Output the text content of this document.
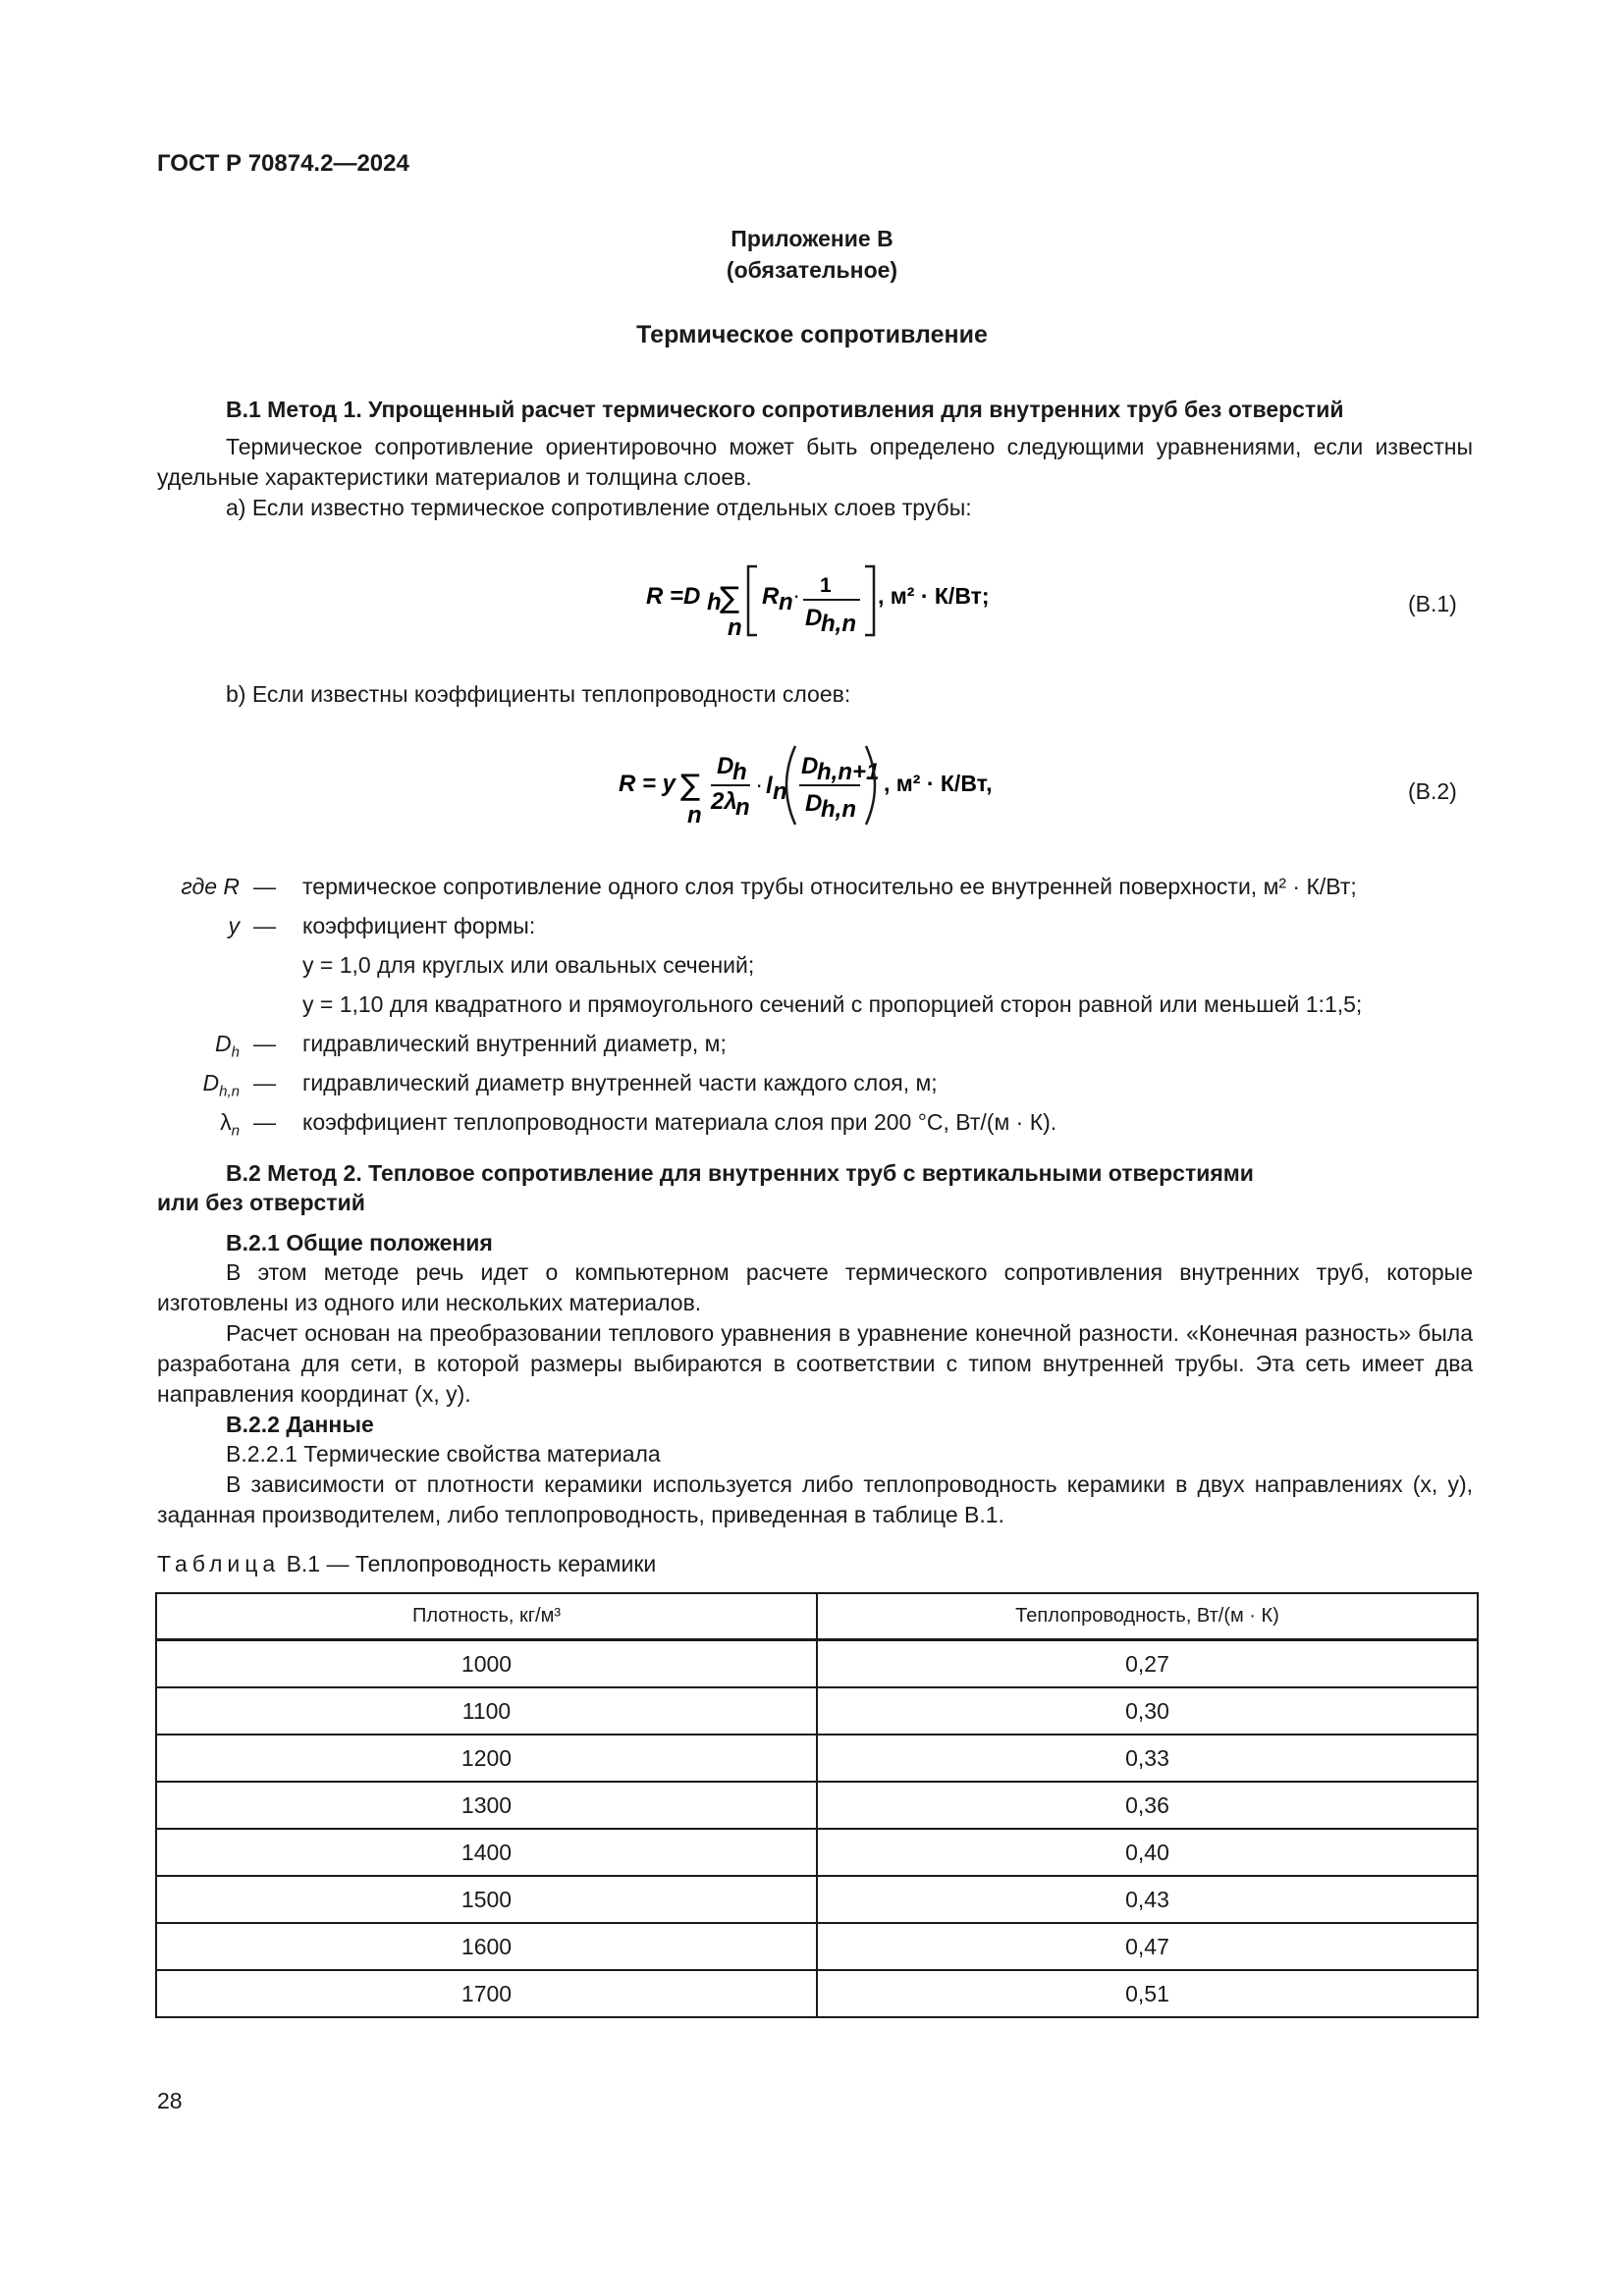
ГОСТ Р 70874.2—2024
Приложение В
(обязательное)
Термическое сопротивление
В.1 Метод 1. Упрощенный расчет термического сопротивления для внутренних труб без отверстий
Термическое сопротивление ориентировочно может быть определено следующими уравнениями, если известны удельные характеристики материалов и толщина слоев.
а) Если известно термическое сопротивление отдельных слоев трубы:
R =D h
∑
n
R n · 1
D
h,n
, м² · К/Вт;	(В.1)
b) Если известны коэффициенты теплопроводности слоев:
R = y ∑
n
D
h
2λ
n
· l n
D
h,n+1
D
h,n
, м² · К/Вт,	(В.2)
где R — термическое сопротивление одного слоя трубы относительно ее внутренней поверхности, м² · К/Вт;
y — коэффициент формы:
y = 1,0 для круглых или овальных сечений;
y = 1,10 для квадратного и прямоугольного сечений с пропорцией сторон равной или меньшей 1:1,5;
$D_h$ — гидравлический внутренний диаметр, м;
$D_{h,n}$ — гидравлический диаметр внутренней части каждого слоя, м;
$\lambda_n$ — коэффициент теплопроводности материала слоя при 200 °С, Вт/(м · К).
В.2 Метод 2. Тепловое сопротивление для внутренних труб с вертикальными отверстиями
или без отверстий
В.2.1 Общие положения
В этом методе речь идет о компьютерном расчете термического сопротивления внутренних труб, которые изготовлены из одного или нескольких материалов.
Расчет основан на преобразовании теплового уравнения в уравнение конечной разности. «Конечная разность» была разработана для сети, в которой размеры выбираются в соответствии с типом внутренней трубы. Эта сеть имеет два направления координат (x, y).
В.2.2 Данные
В.2.2.1 Термические свойства материала
В зависимости от плотности керамики используется либо теплопроводность керамики в двух направлениях (x, y), заданная производителем, либо теплопроводность, приведенная в таблице В.1.
Таблица В.1 — Теплопроводность керамики
Плотность, кг/м³	Теплопроводность, Вт/(м · К)
1000	0,27
1100	0,30
1200	0,33
1300	0,36
1400	0,40
1500	0,43
1600	0,47
1700	0,51
28
